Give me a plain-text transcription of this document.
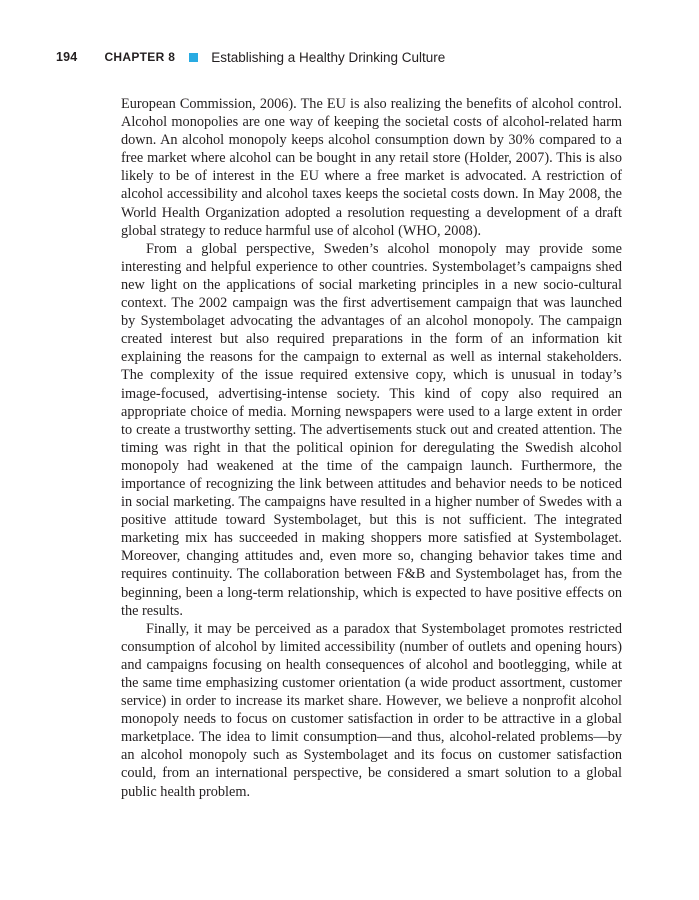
194 CHAPTER 8	Establishing a Healthy Drinking Culture

European Commission, 2006). The EU is also realizing the benefits of alcohol control. Alcohol monopolies are one way of keeping the societal costs of alcohol-related harm down. An alcohol monopoly keeps alcohol consumption down by 30% compared to a free market where alcohol can be bought in any retail store (Holder, 2007). This is also likely to be of interest in the EU where a free market is advocated. A restriction of alcohol accessibility and alcohol taxes keeps the societal costs down. In May 2008, the World Health Organization adopted a resolution requesting a development of a draft global strategy to reduce harmful use of alcohol (WHO, 2008).

From a global perspective, Sweden’s alcohol monopoly may provide some interesting and helpful experience to other countries. Systembolaget’s campaigns shed new light on the applications of social marketing principles in a new socio-cultural context. The 2002 campaign was the first advertisement campaign that was launched by Systembolaget advocating the advantages of an alcohol monopoly. The campaign created interest but also required preparations in the form of an information kit explaining the reasons for the campaign to external as well as internal stakeholders. The complexity of the issue required extensive copy, which is unusual in today’s image-focused, advertising-intense society. This kind of copy also required an appropriate choice of media. Morning newspapers were used to a large extent in order to create a trustworthy setting. The advertisements stuck out and created attention. The timing was right in that the political opinion for deregulating the Swedish alcohol monopoly had weakened at the time of the campaign launch. Furthermore, the importance of recognizing the link between attitudes and behavior needs to be noticed in social marketing. The campaigns have resulted in a higher number of Swedes with a positive attitude toward Systembolaget, but this is not sufficient. The integrated marketing mix has succeeded in making shoppers more satisfied at Systembolaget. Moreover, changing attitudes and, even more so, changing behavior takes time and requires continuity. The collaboration between F&B and Systembolaget has, from the beginning, been a long-term relationship, which is expected to have positive effects on the results.

Finally, it may be perceived as a paradox that Systembolaget promotes restricted consumption of alcohol by limited accessibility (number of outlets and opening hours) and campaigns focusing on health consequences of alcohol and bootlegging, while at the same time emphasizing customer orientation (a wide product assortment, customer service) in order to increase its market share. However, we believe a nonprofit alcohol monopoly needs to focus on customer satisfaction in order to be attractive in a global marketplace. The idea to limit consumption—and thus, alcohol-related problems—by an alcohol monopoly such as Systembolaget and its focus on customer satisfaction could, from an international perspective, be considered a smart solution to a global public health problem.
